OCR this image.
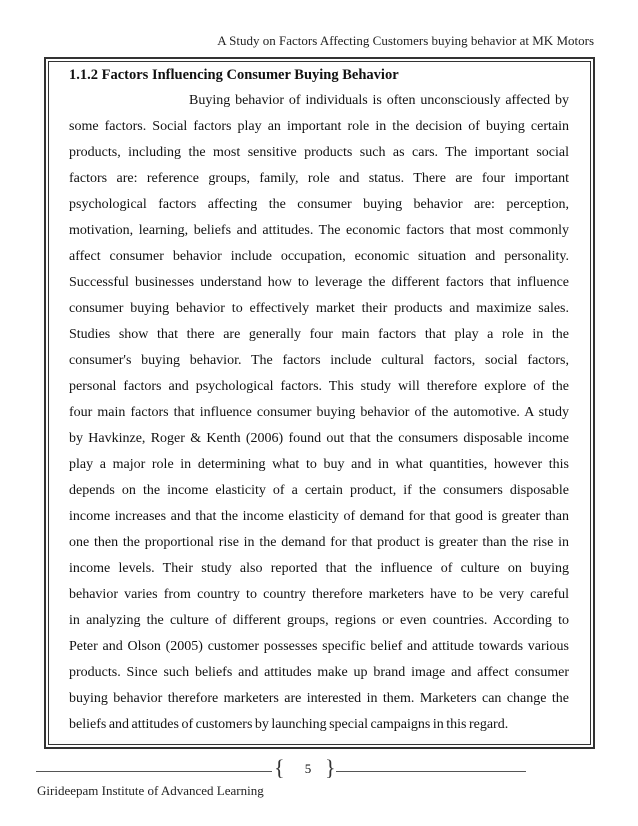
A Study on Factors Affecting Customers buying behavior at MK Motors
1.1.2 Factors Influencing Consumer Buying Behavior
Buying behavior of individuals is often unconsciously affected by
some factors. Social factors play an important role in the decision of buying certain
products, including the most sensitive products such as cars. The important social
factors are: reference groups, family, role and status. There are four important
psychological factors affecting the consumer buying behavior are: perception,
motivation, learning, beliefs and attitudes. The economic factors that most commonly
affect consumer behavior include occupation, economic situation and personality.
Successful businesses understand how to leverage the different factors that influence
consumer buying behavior to effectively market their products and maximize sales.
Studies show that there are generally four main factors that play a role in the
consumer's buying behavior. The factors include cultural factors, social factors,
personal factors and psychological factors. This study will therefore explore of the
four main factors that influence consumer buying behavior of the automotive. A study
by Havkinze, Roger & Kenth (2006) found out that the consumers disposable income
play a major role in determining what to buy and in what quantities, however this
depends on the income elasticity of a certain product, if the consumers disposable
income increases and that the income elasticity of demand for that good is greater than
one then the proportional rise in the demand for that product is greater than the rise in
income levels. Their study also reported that the influence of culture on buying
behavior varies from country to country therefore marketers have to be very careful
in analyzing the culture of different groups, regions or even countries. According to
Peter and Olson (2005) customer possesses specific belief and attitude towards various
products. Since such beliefs and attitudes make up brand image and affect consumer
buying behavior therefore marketers are interested in them. Marketers can change the
beliefs and attitudes of customers by launching special campaigns in this regard.
{	5 }
Girideepam Institute of Advanced Learning
